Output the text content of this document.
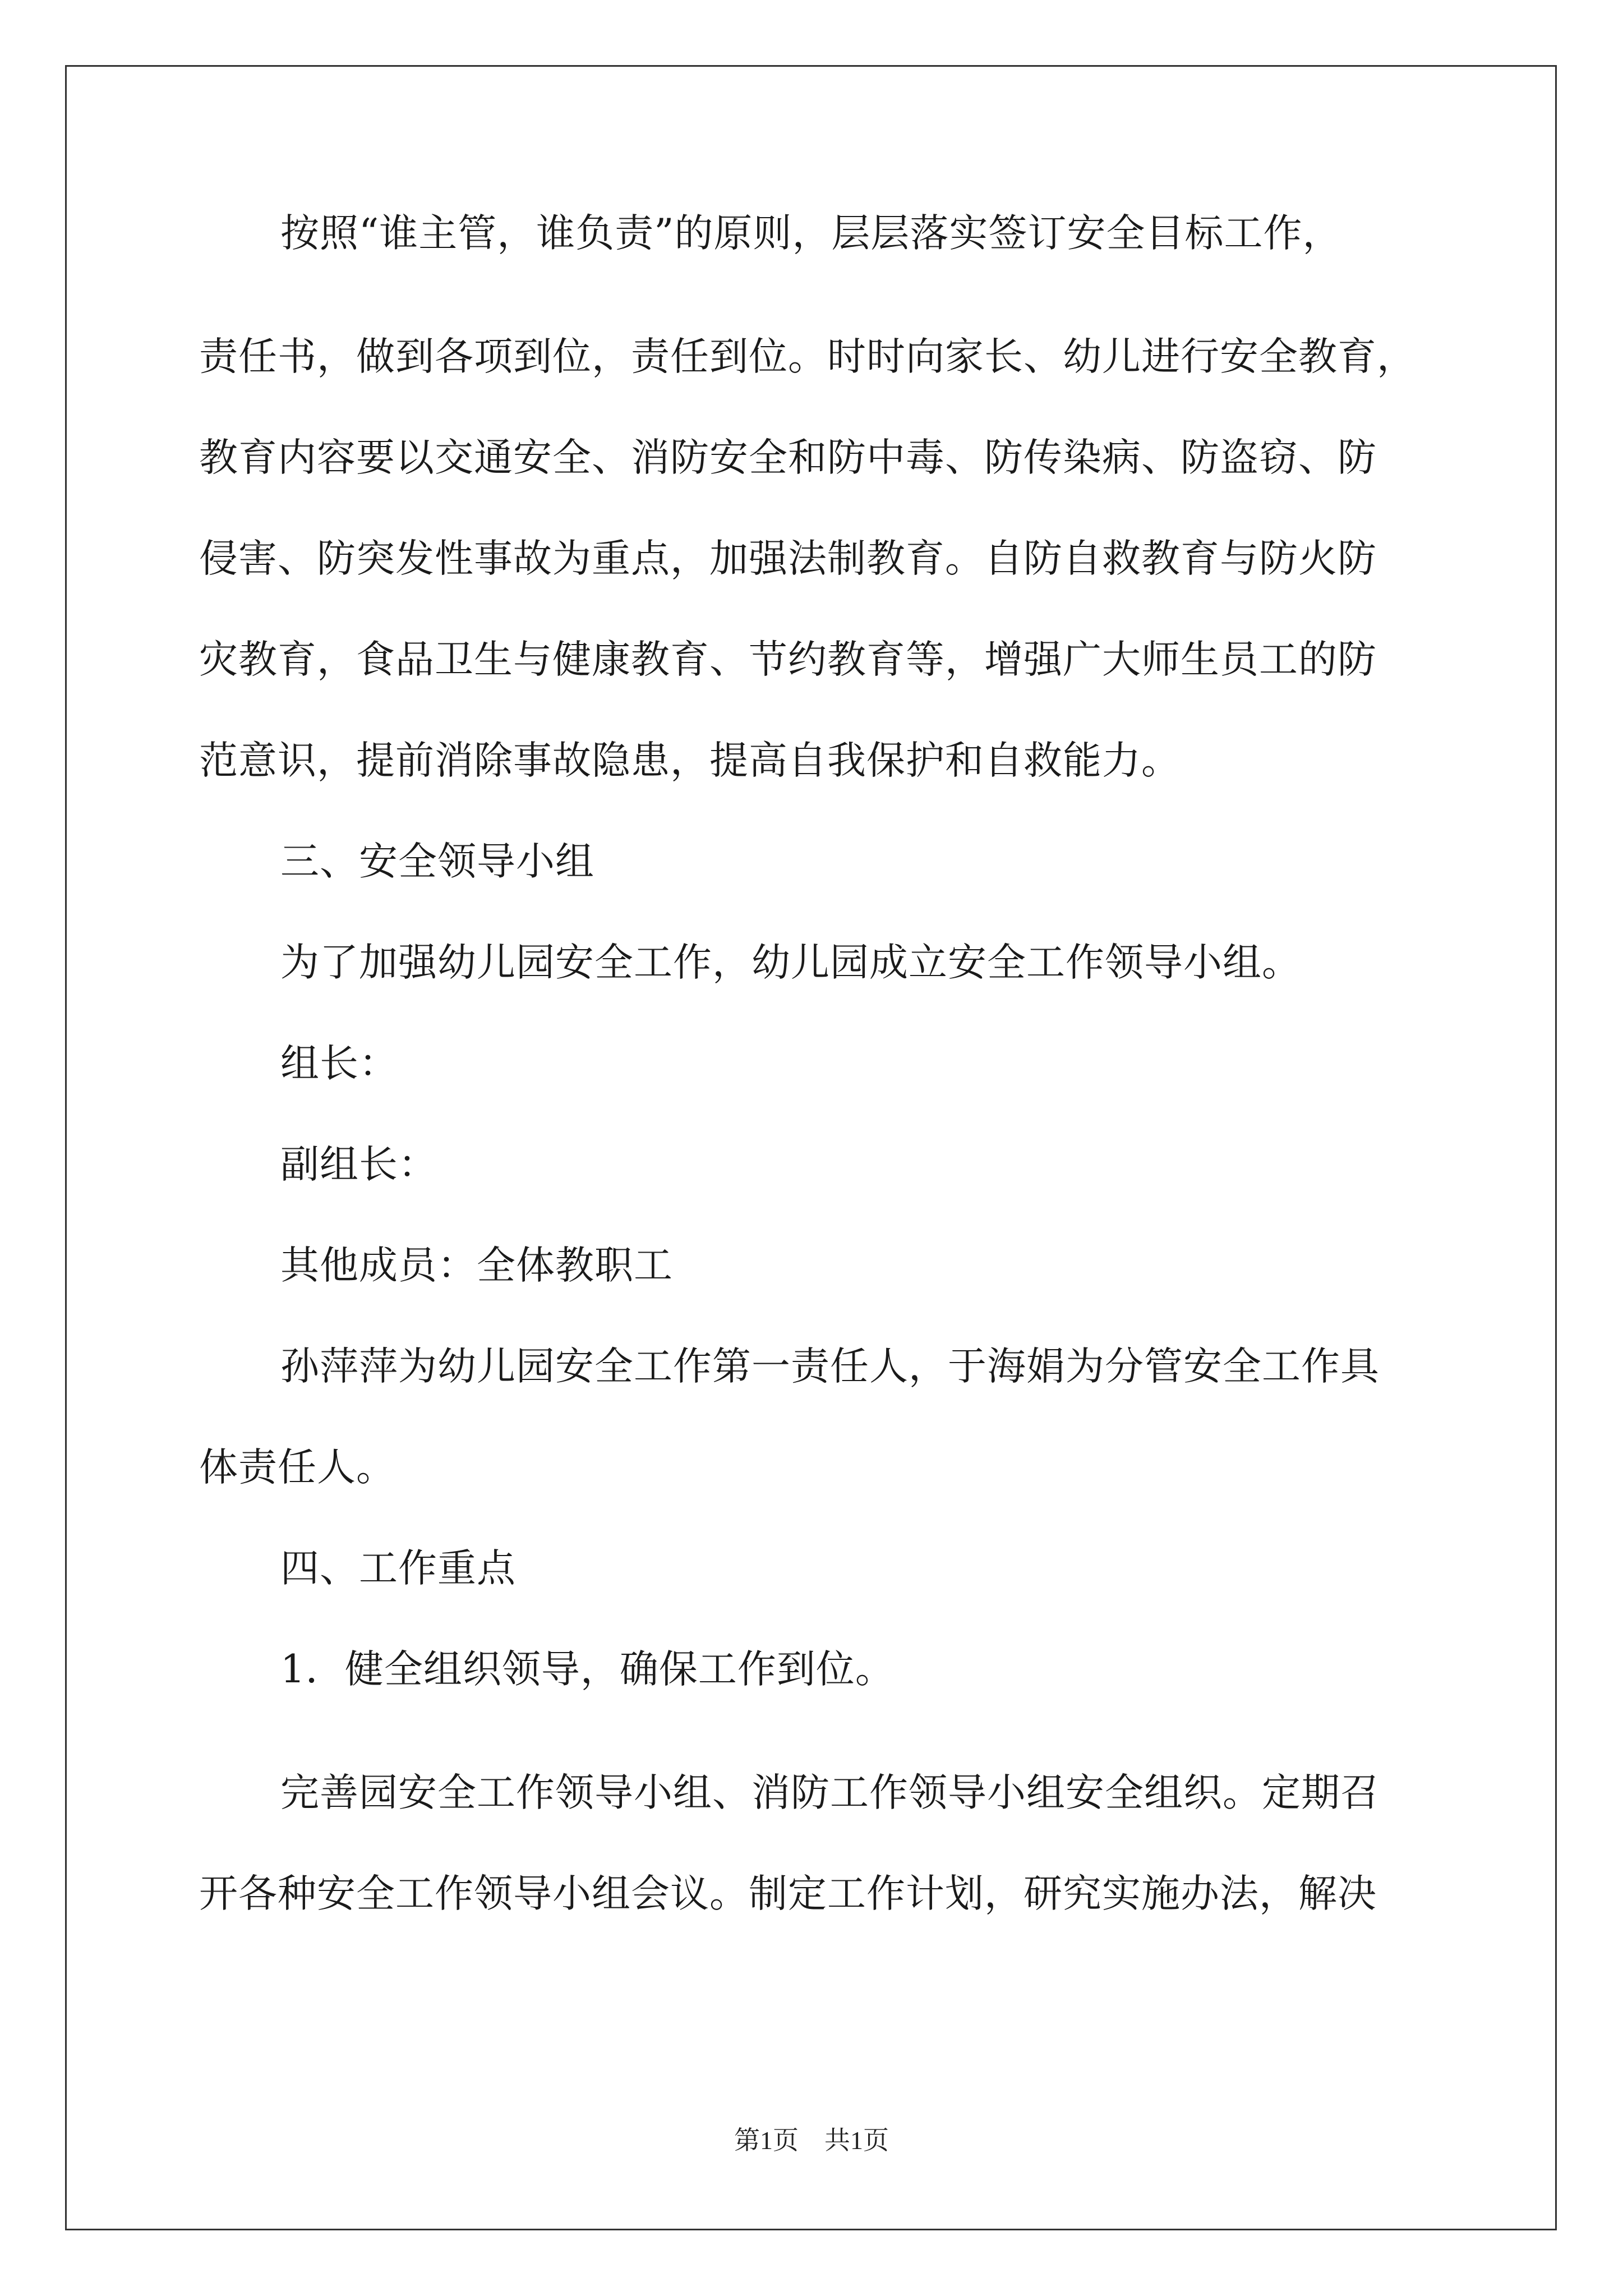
按照“谁主管，谁负责”的原则，层层落实签订安全目标工作，
责任书，做到各项到位，责任到位。时时向家长、幼儿进行安全教育，
教育内容要以交通安全、消防安全和防中毒、防传染病、防盗窃、防
侵害、防突发性事故为重点，加强法制教育。自防自救教育与防火防
灾教育，食品卫生与健康教育、节约教育等，增强广大师生员工的防
范意识，提前消除事故隐患，提高自我保护和自救能力。
三、安全领导小组
为了加强幼儿园安全工作，幼儿园成立安全工作领导小组。
组长：
副组长：
其他成员：全体教职工
孙萍萍为幼儿园安全工作第一责任人，于海娟为分管安全工作具
体责任人。
四、工作重点
1．健全组织领导，确保工作到位。
完善园安全工作领导小组、消防工作领导小组安全组织。定期召
开各种安全工作领导小组会议。制定工作计划，研究实施办法，解决
第1页　共1页
